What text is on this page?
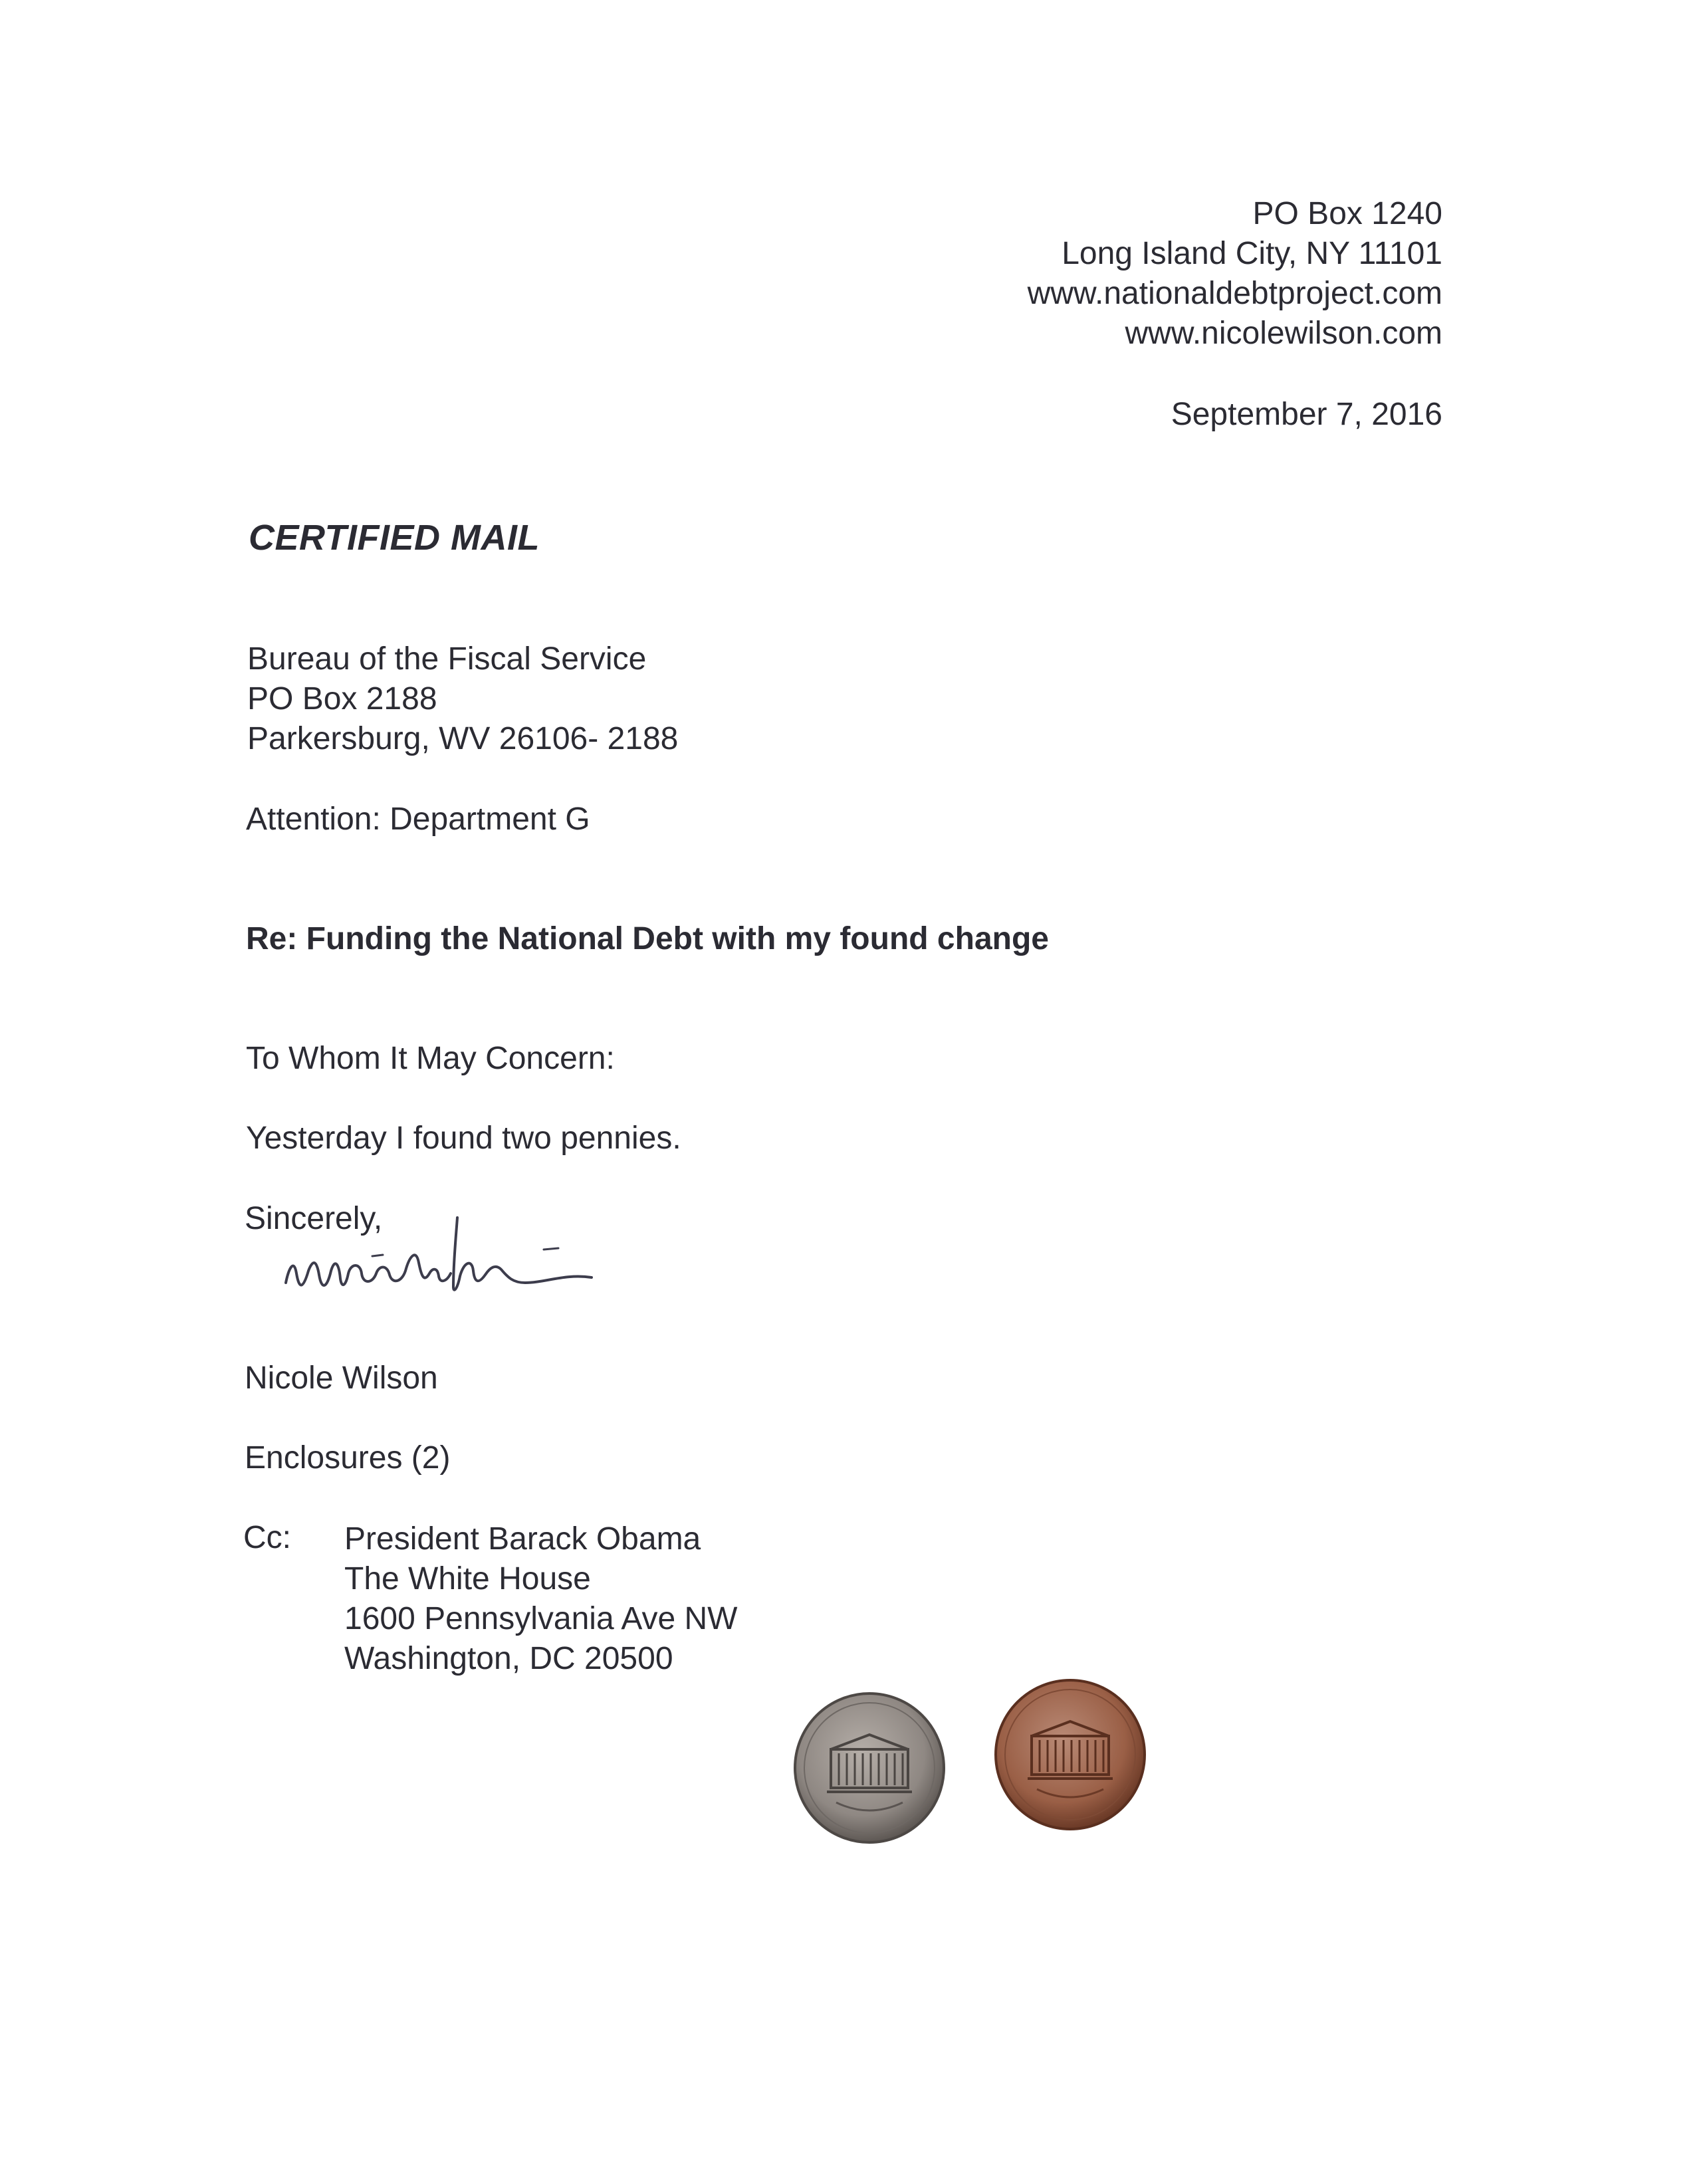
PO Box 1240
Long Island City, NY 11101
www.nationaldebtproject.com
www.nicolewilson.com
September 7, 2016
CERTIFIED MAIL
Bureau of the Fiscal Service
PO Box 2188
Parkersburg, WV 26106- 2188
Attention: Department G
Re: Funding the National Debt with my found change
To Whom It May Concern:
Yesterday I found two pennies.
Sincerely,
Nicole Wilson
Enclosures (2)
Cc: President Barack Obama
The White House
1600 Pennsylvania Ave NW
Washington, DC 20500
